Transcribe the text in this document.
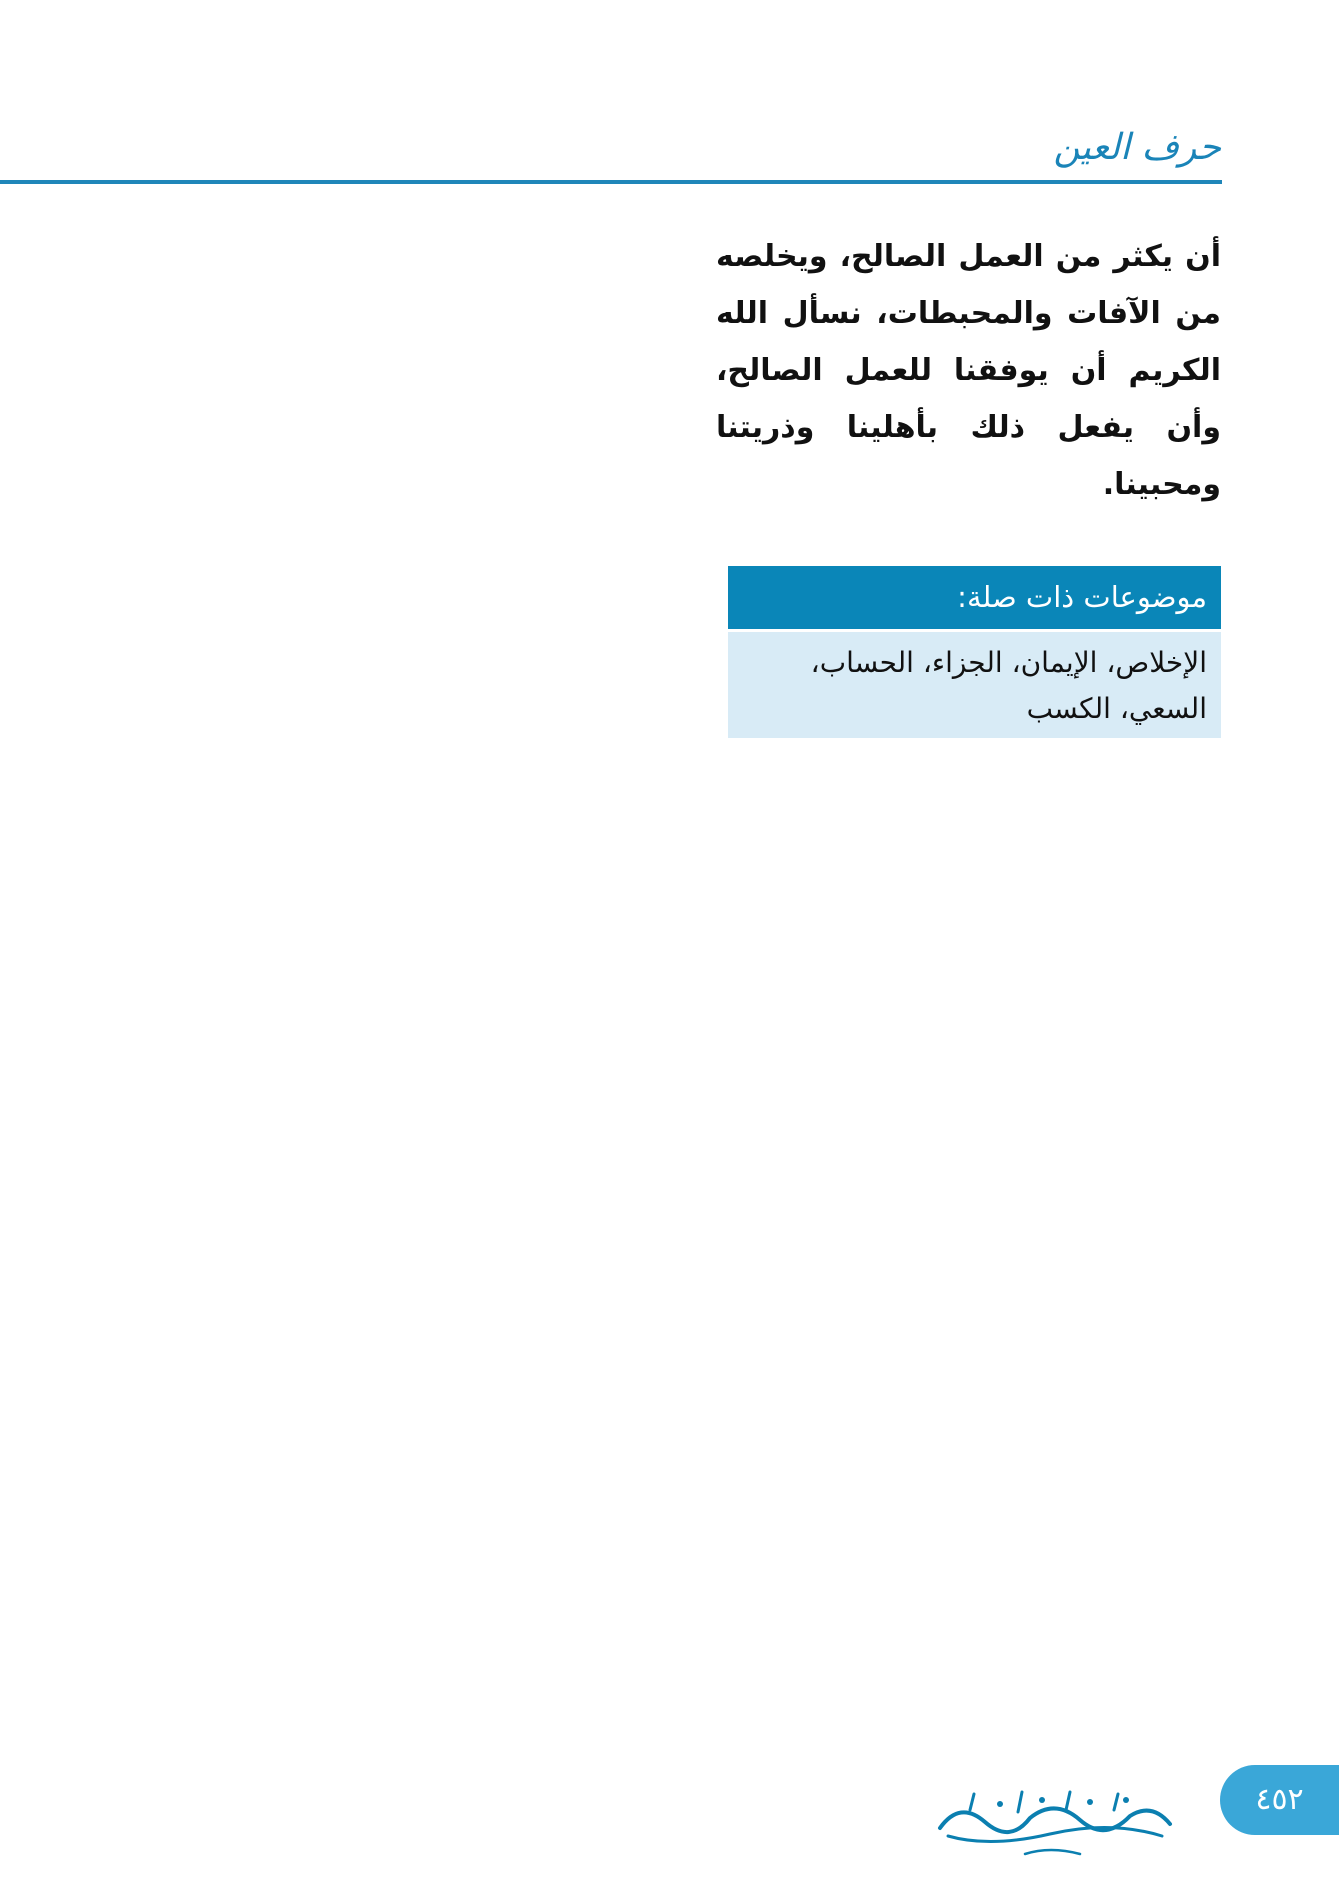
حرف العين
أن يكثر من العمل الصالح، ويخلصه من الآفات والمحبطات، نسأل الله الكريم أن يوفقنا للعمل الصالح، وأن يفعل ذلك بأهلينا وذريتنا ومحبينا.
موضوعات ذات صلة:
الإخلاص، الإيمان، الجزاء، الحساب، السعي، الكسب
٤٥٢
